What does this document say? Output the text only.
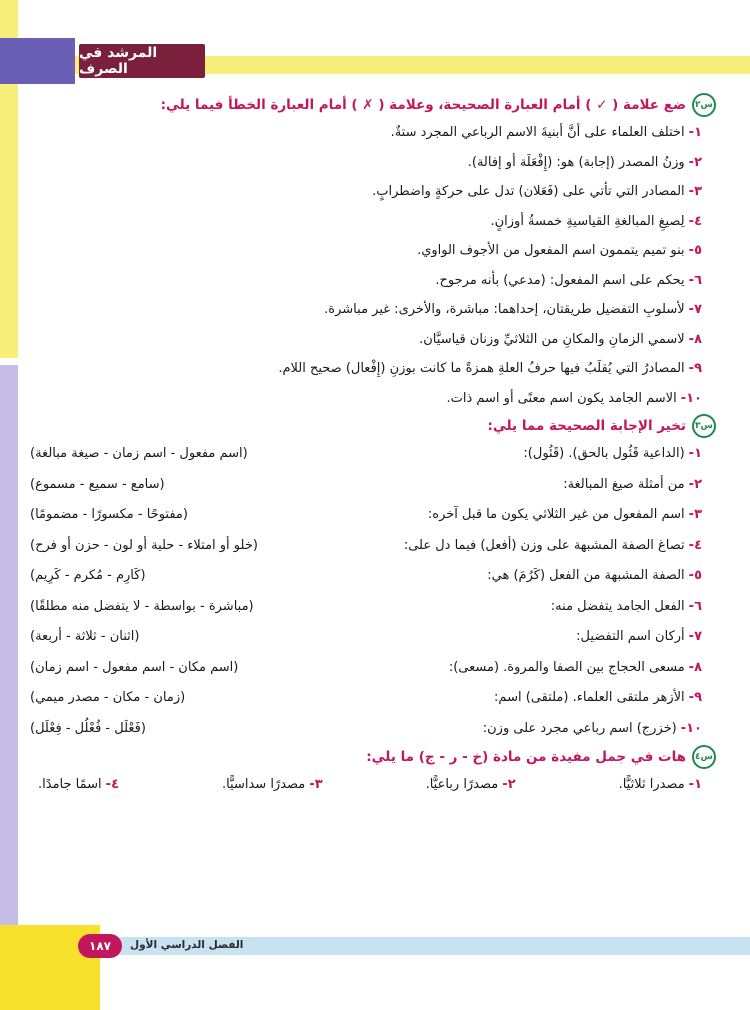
المرشد في الصرف
س٢
ضع علامة ( ✓ ) أمام العبارة الصحيحة، وعلامة ( ✗ ) أمام العبارة الخطأ فيما يلي:
١-اختلف العلماء على أنَّ أبنيةَ الاسم الرباعي المجرد ستةٌ.
٢-وزنُ المصدر (إجابة) هو: (إِفْعَلَة أو إفالة).
٣-المصادر التي تأتي على (فَعَلان) تدل على حركةٍ واضطرابٍ.
٤-لِصيغِ المبالغةِ القياسيةِ خمسةُ أوزانٍ.
٥-بنو تميم يتممون اسم المفعول من الأجوف الواوي.
٦-يحكم على اسم المفعول: (مدعي) بأنه مرجوح.
٧-لأسلوبِ التفضيل طريقتان، إحداهما: مباشرة، والأخرى: غير مباشرة.
٨-لاسمي الزمانِ والمكانِ من الثلاثيِّ وزنان قياسيَّان.
٩-المصادرُ التي يُقلَبُ فيها حرفُ العلةِ همزةً ما كانت بوزنِ (إِفْعال) صحيح اللام.
١٠-الاسم الجامد يكون اسم معنًى أو اسم ذات.
س٣
تخير الإجابة الصحيحة مما يلي:
١-(الداعية قَئُول بالحق). (قَئُول):
(اسم مفعول - اسم زمان - صيغة مبالغة)
٢-من أمثلة صيغ المبالغة:
(سامع - سميع - مسموع)
٣-اسم المفعول من غير الثلاثي يكون ما قبل آخره:
(مفتوحًا - مكسورًا - مضمومًا)
٤-تصاغ الصفة المشبهة على وزن (أفعل) فيما دل على:
(خلو أو امتلاء - حلية أو لون - حزن أو فرح)
٥-الصفة المشبهة من الفعل (كَرُمَ) هي:
(كَارِم - مُكرم - كَرِيم)
٦-الفعل الجامد يتفضل منه:
(مباشرة - بواسطة - لا يتفضل منه مطلقًا)
٧-أركان اسم التفضيل:
(اثنان - ثلاثة - أربعة)
٨-مسعى الحجاج بين الصفا والمروة. (مسعى):
(اسم مكان - اسم مفعول - اسم زمان)
٩-الأزهر ملتقى العلماء. (ملتقى) اسم:
(زمان - مكان - مصدر ميمي)
١٠-(خزرج) اسم رباعي مجرد على وزن:
(فَعْلَل - فُعْلُل - فِعْلَل)
س٤
هات في جمل مفيدة من مادة (خ - ر - ج) ما يلي:
١-مصدرا ثلاثيًّا.
٢-مصدرًا رباعيًّا.
٣-مصدرًا سداسيًّا.
٤-اسمًا جامدًا.
الفصل الدراسي الأول
١٨٧
